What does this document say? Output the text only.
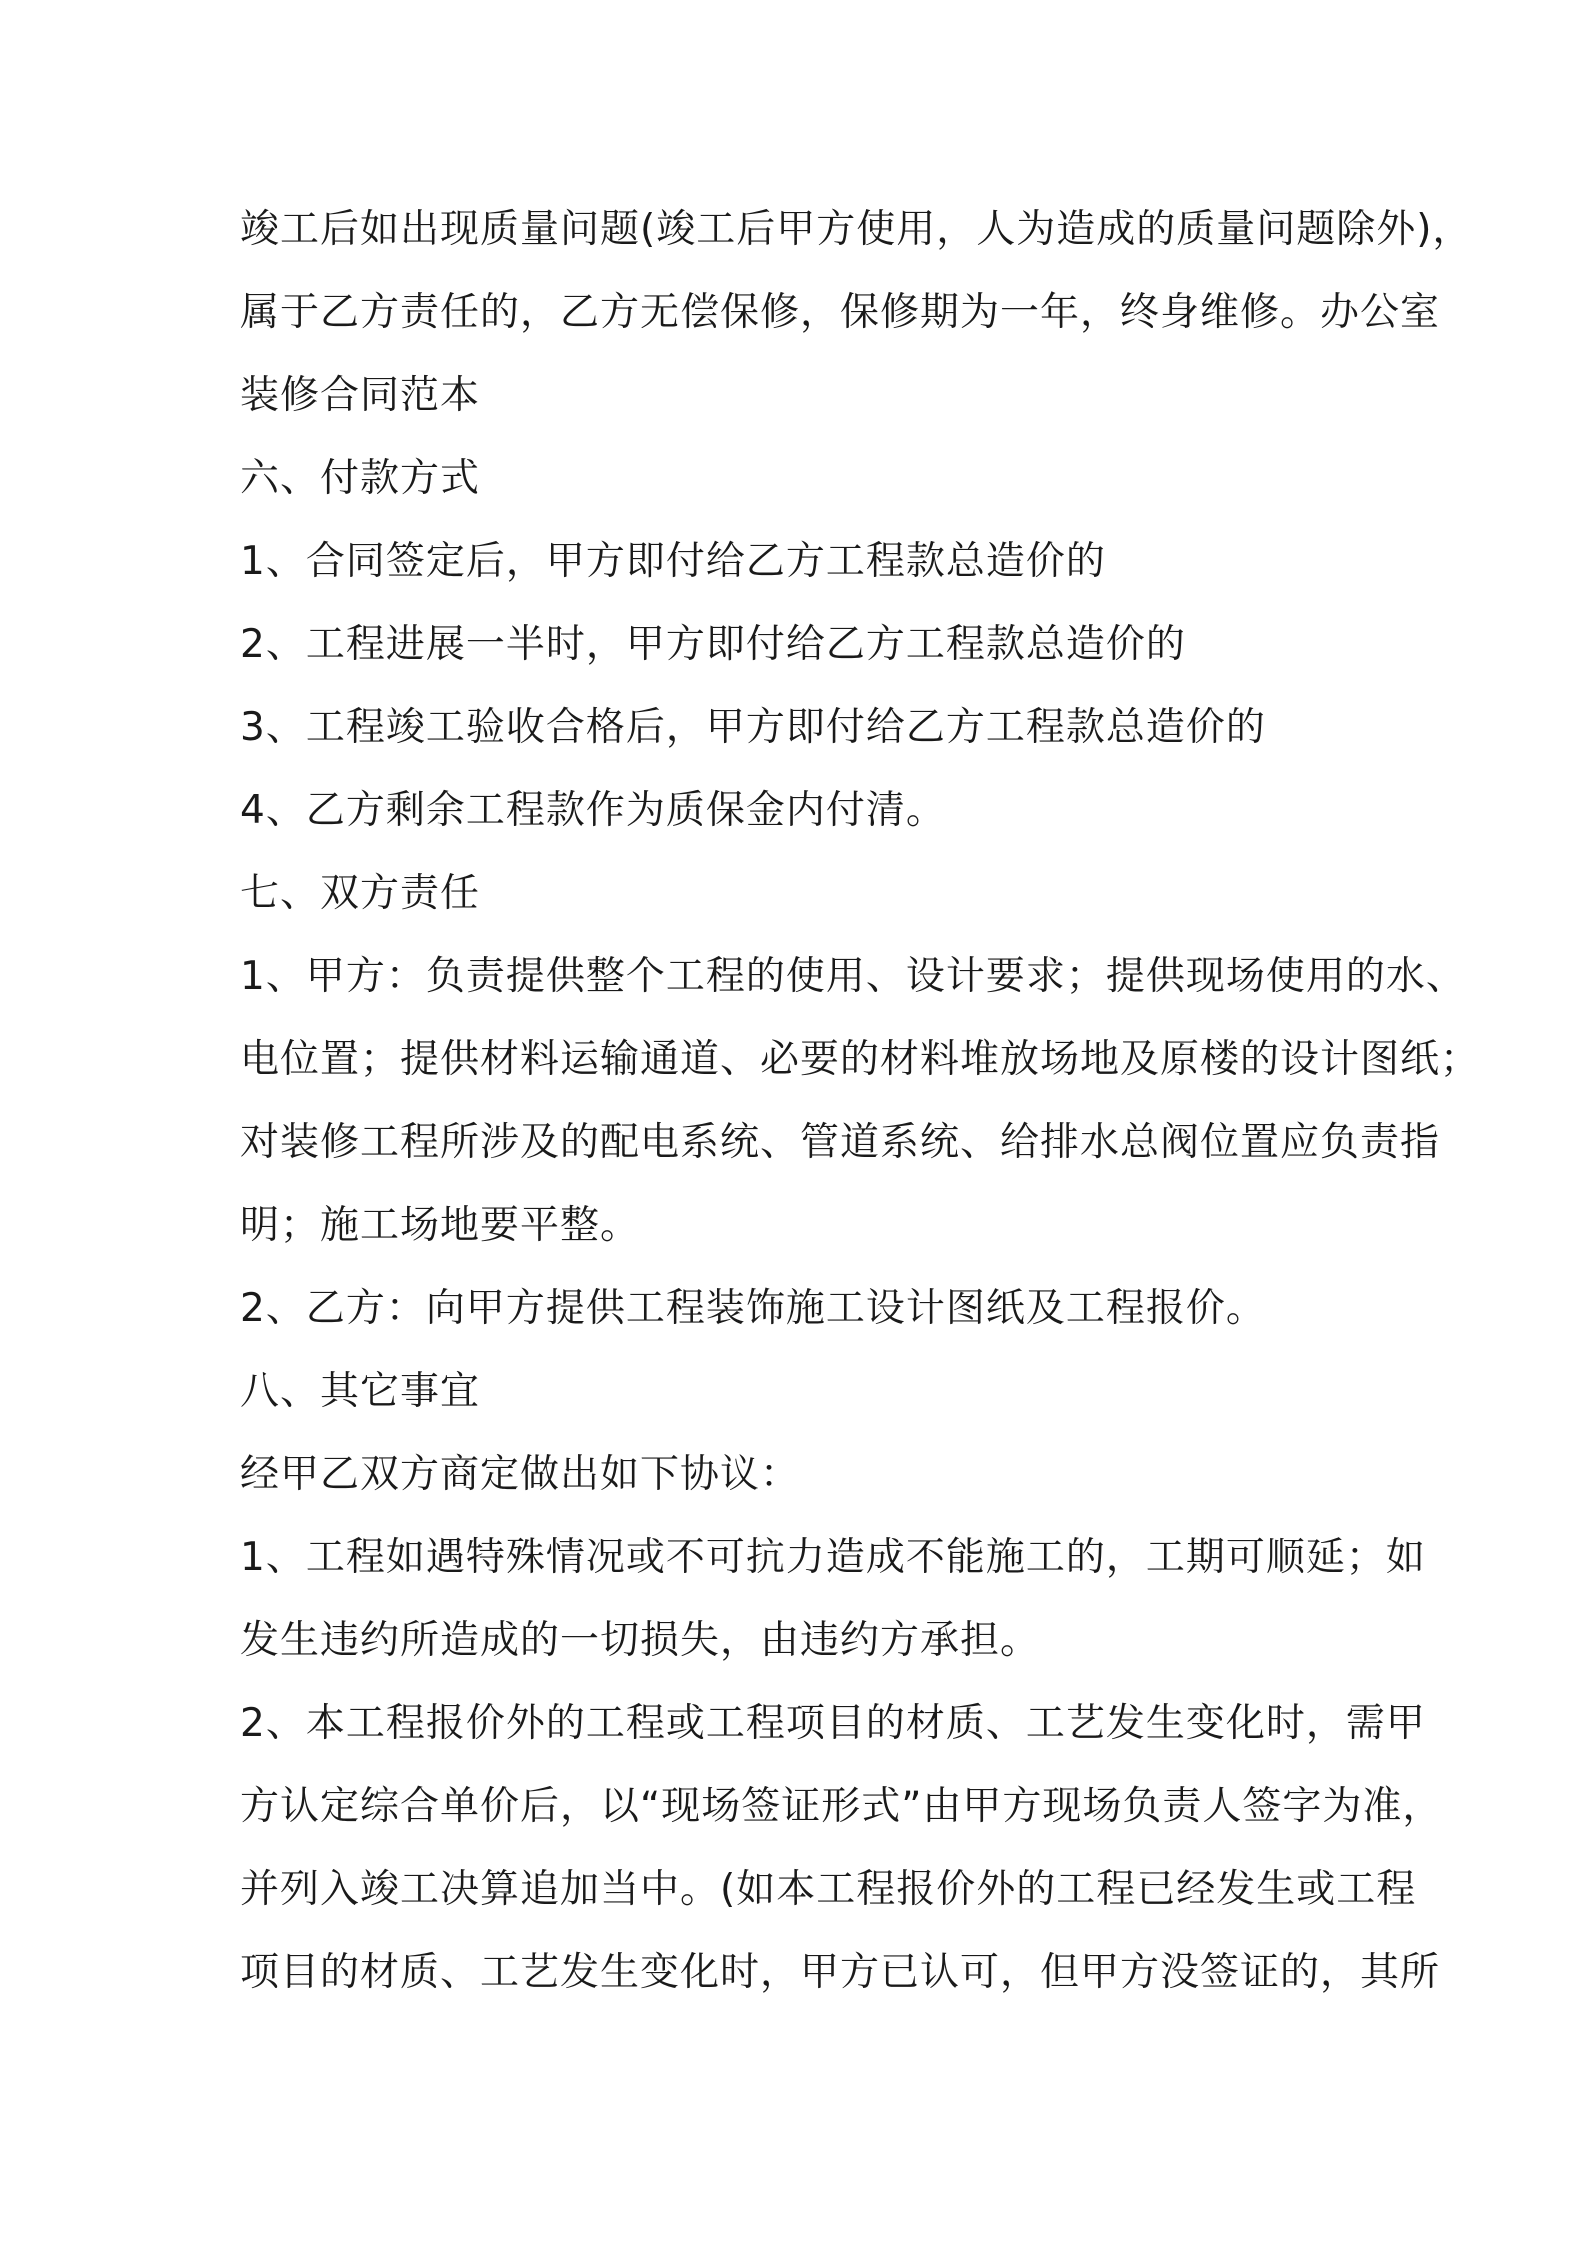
竣工后如出现质量问题(竣工后甲方使用，人为造成的质量问题除外)，
属于乙方责任的，乙方无偿保修，保修期为一年，终身维修。办公室
装修合同范本
六、付款方式
1、合同签定后，甲方即付给乙方工程款总造价的
2、工程进展一半时，甲方即付给乙方工程款总造价的
3、工程竣工验收合格后，甲方即付给乙方工程款总造价的
4、乙方剩余工程款作为质保金内付清。
七、双方责任
1、甲方：负责提供整个工程的使用、设计要求；提供现场使用的水、
电位置；提供材料运输通道、必要的材料堆放场地及原楼的设计图纸；
对装修工程所涉及的配电系统、管道系统、给排水总阀位置应负责指
明；施工场地要平整。
2、乙方：向甲方提供工程装饰施工设计图纸及工程报价。
八、其它事宜
经甲乙双方商定做出如下协议：
1、工程如遇特殊情况或不可抗力造成不能施工的，工期可顺延；如
发生违约所造成的一切损失，由违约方承担。
2、本工程报价外的工程或工程项目的材质、工艺发生变化时，需甲
方认定综合单价后，以“现场签证形式”由甲方现场负责人签字为准，
并列入竣工决算追加当中。(如本工程报价外的工程已经发生或工程
项目的材质、工艺发生变化时，甲方已认可，但甲方没签证的，其所
